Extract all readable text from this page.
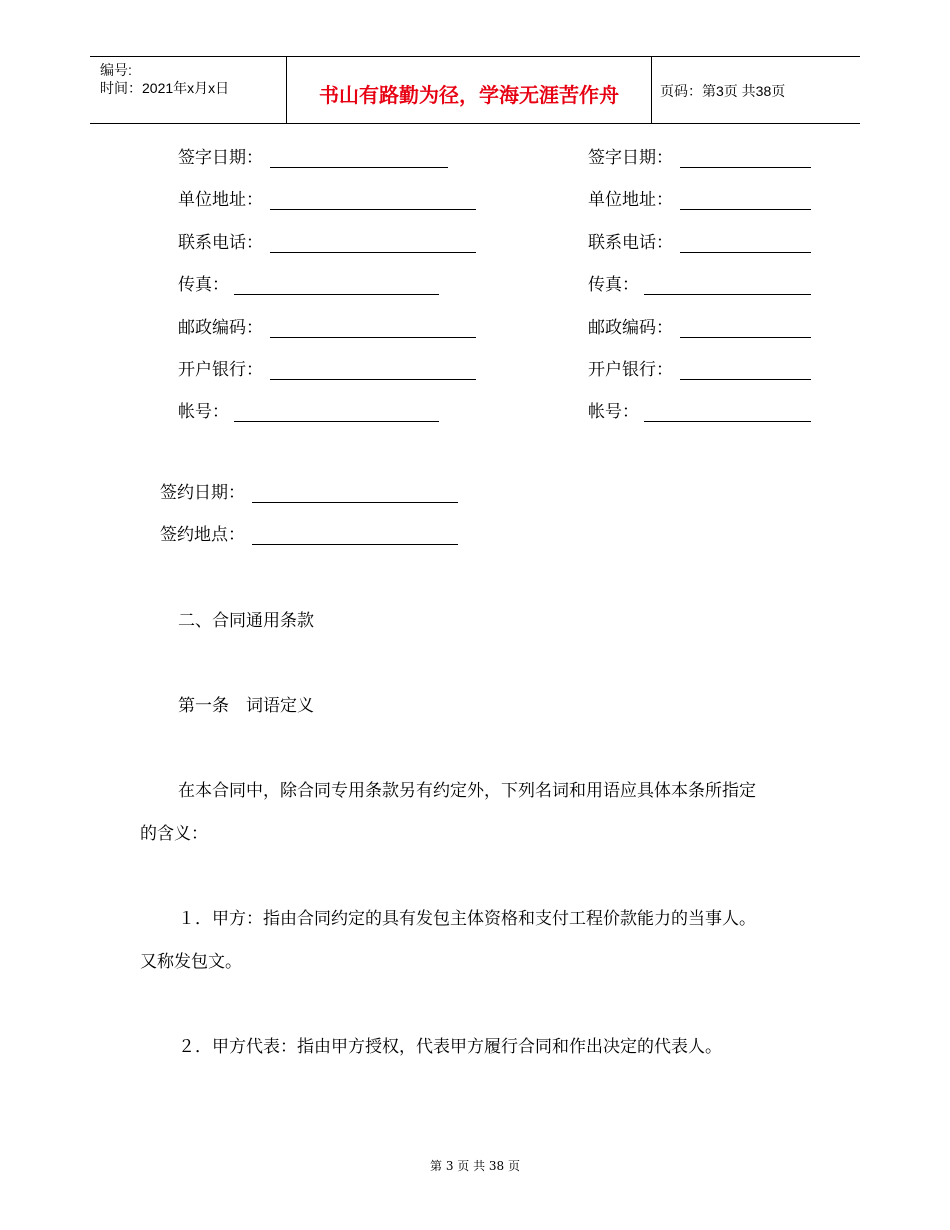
编号:
时间：2021年x月x日	书山有路勤为径，学海无涯苦作舟	页码：第3页 共38页
签字日期：
单位地址：
联系电话：
传真：
邮政编码：
开户银行：
帐号：
签字日期：
单位地址：
联系电话：
传真：
邮政编码：
开户银行：
帐号：
签约日期：
签约地点：
二、合同通用条款
第一条　词语定义
在本合同中，除合同专用条款另有约定外，下列名词和用语应具体本条所指定
的含义：
１．甲方：指由合同约定的具有发包主体资格和支付工程价款能力的当事人。
又称发包文。
２．甲方代表：指由甲方授权，代表甲方履行合同和作出决定的代表人。
第 3 页 共 38 页
